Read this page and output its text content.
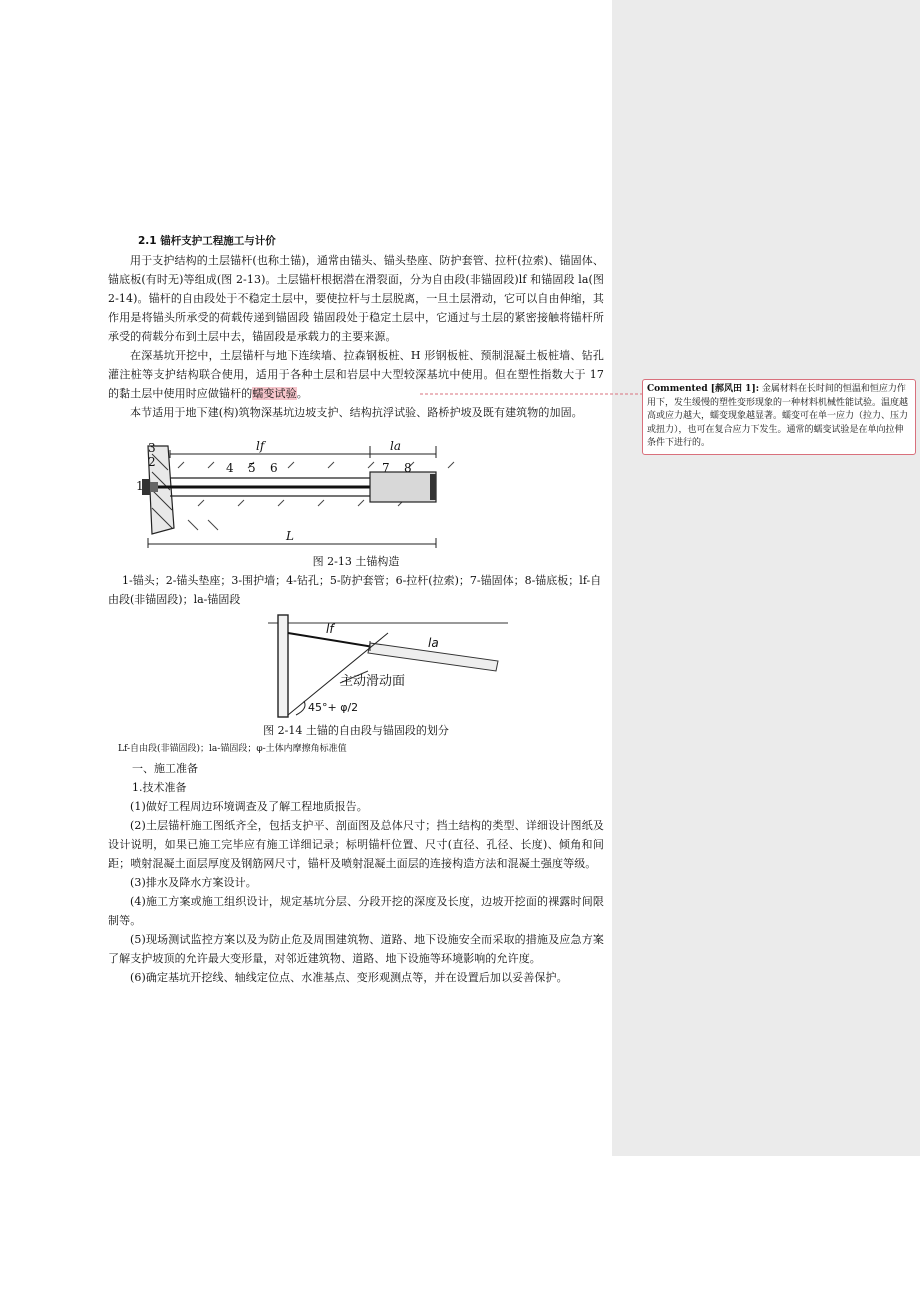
2.1 锚杆支护工程施工与计价

用于支护结构的土层锚杆(也称土锚)，通常由锚头、锚头垫座、防护套管、拉杆(拉索)、锚固体、锚底板(有时无)等组成(图 2-13)。土层锚杆根据潜在滑裂面，分为自由段(非锚固段)lf 和锚固段 la(图 2-14)。锚杆的自由段处于不稳定土层中，要使拉杆与土层脱离，一旦土层滑动，它可以自由伸缩，其作用是将锚头所承受的荷载传递到锚固段 锚固段处于稳定土层中，它通过与土层的紧密接触将锚杆所承受的荷载分布到土层中去，锚固段是承载力的主要来源。

在深基坑开挖中，土层锚杆与地下连续墙、拉森钢板桩、H 形钢板桩、预制混凝土板桩墙、钻孔灌注桩等支护结构联合使用，适用于各种土层和岩层中大型较深基坑中使用。但在塑性指数大于 17 的黏土层中使用时应做锚杆的蠕变试验。

本节适用于地下建(构)筑物深基坑边坡支护、结构抗浮试验、路桥护坡及既有建筑物的加固。

1
2
3
4 5 6	7 8
lf	la
L

图 2-13 土锚构造

1-锚头；2-锚头垫座；3-围护墙；4-钻孔；5-防护套管；6-拉杆(拉索)；7-锚固体；8-锚底板；lf-自由段(非锚固段)；la-锚固段

lf
la
主动滑动面
45°+ φ/2

图 2-14 土锚的自由段与锚固段的划分

Lf-自由段(非锚固段)；la-锚固段；φ-土体内摩擦角标准值

一、施工准备

1.技术准备

(1)做好工程周边环境调查及了解工程地质报告。

(2)土层锚杆施工图纸齐全，包括支护平、剖面图及总体尺寸；挡土结构的类型、详细设计图纸及设计说明，如果已施工完毕应有施工详细记录；标明锚杆位置、尺寸(直径、孔径、长度)、倾角和间距；喷射混凝土面层厚度及钢筋网尺寸，锚杆及喷射混凝土面层的连接构造方法和混凝土强度等级。

(3)排水及降水方案设计。

(4)施工方案或施工组织设计，规定基坑分层、分段开挖的深度及长度，边坡开挖面的裸露时间限制等。

(5)现场测试监控方案以及为防止危及周围建筑物、道路、地下设施安全而采取的措施及应急方案 了解支护坡顶的允许最大变形量，对邻近建筑物、道路、地下设施等环境影响的允许度。

(6)确定基坑开挖线、轴线定位点、水准基点、变形观测点等，并在设置后加以妥善保护。

Commented [郝风田 1]: 金属材料在长时间的恒温和恒应力作用下，发生缓慢的塑性变形现象的一种材料机械性能试验。温度越高或应力越大，蠕变现象越显著。蠕变可在单一应力（拉力、压力或扭力），也可在复合应力下发生。通常的蠕变试验是在单向拉伸条件下进行的。
